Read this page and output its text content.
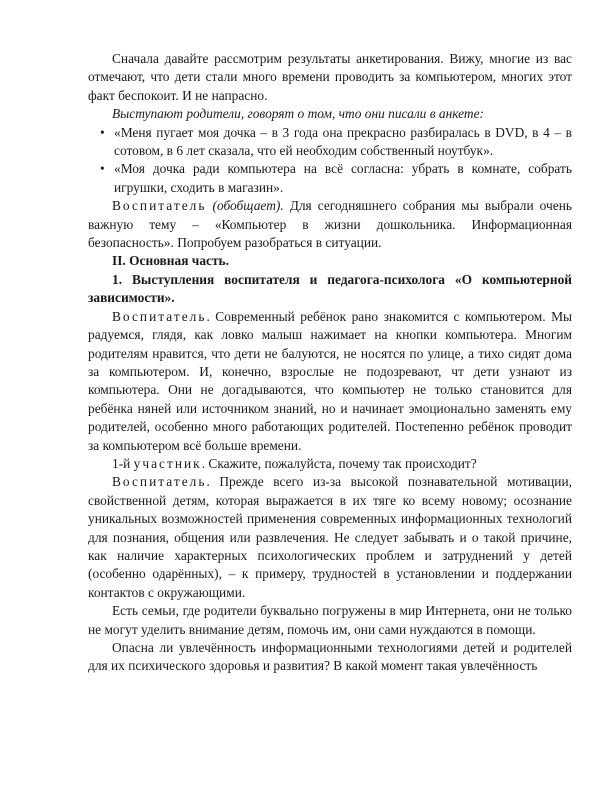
Сначала давайте рассмотрим результаты анкетирования. Вижу, многие из вас отмечают, что дети стали много времени проводить за компьютером, многих этот факт беспокоит. И не напрасно.

Выступают родители, говорят о том, что они писали в анкете:

• «Меня пугает моя дочка – в 3 года она прекрасно разбиралась в DVD, в 4 – в сотовом, в 6 лет сказала, что ей необходим собственный ноутбук».
• «Моя дочка ради компьютера на всё согласна: убрать в комнате, собрать игрушки, сходить в магазин».

Воспитатель (обобщает). Для сегодняшнего собрания мы выбрали очень важную тему – «Компьютер в жизни дошкольника. Информационная безопасность». Попробуем разобраться в ситуации.

II. Основная часть.

1. Выступления воспитателя и педагога-психолога «О компьютерной зависимости».

Воспитатель. Современный ребёнок рано знакомится с компьютером. Мы радуемся, глядя, как ловко малыш нажимает на кнопки компьютера. Многим родителям нравится, что дети не балуются, не носятся по улице, а тихо сидят дома за компьютером. И, конечно, взрослые не подозревают, чт дети узнают из компьютера. Они не догадываются, что компьютер не только становится для ребёнка няней или источником знаний, но и начинает эмоционально заменять ему родителей, особенно много работающих родителей. Постепенно ребёнок проводит за компьютером всё больше времени.

1-й участник. Скажите, пожалуйста, почему так происходит?

Воспитатель. Прежде всего из-за высокой познавательной мотивации, свойственной детям, которая выражается в их тяге ко всему новому; осознание уникальных возможностей применения современных информационных технологий для познания, общения или развлечения. Не следует забывать и о такой причине, как наличие характерных психологических проблем и затруднений у детей (особенно одарённых), – к примеру, трудностей в установлении и поддержании контактов с окружающими.

Есть семьи, где родители буквально погружены в мир Интернета, они не только не могут уделить внимание детям, помочь им, они сами нуждаются в помощи.

Опасна ли увлечённость информационными технологиями детей и родителей для их психического здоровья и развития? В какой момент такая увлечённость
